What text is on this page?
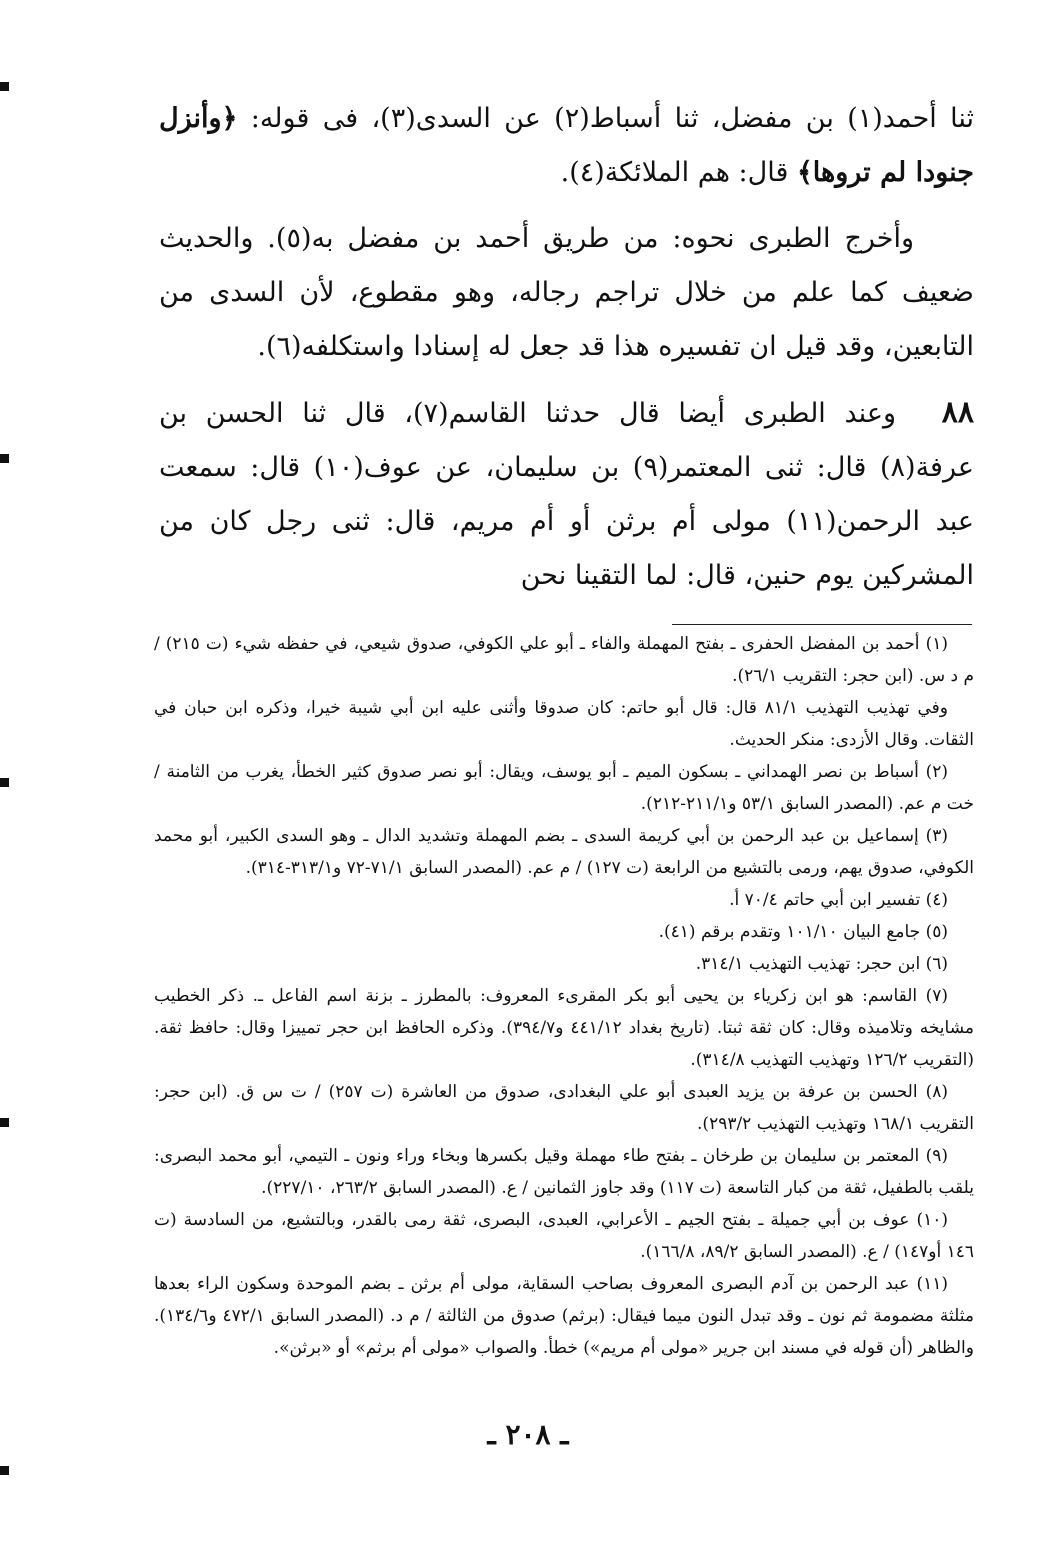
ثنا أحمد(١) بن مفضل، ثنا أسباط(٢) عن السدى(٣)، فى قوله: ﴿وأنزل جنودا لم تروها﴾ قال: هم الملائكة(٤).

وأخرج الطبرى نحوه: من طريق أحمد بن مفضل به(٥). والحديث ضعيف كما علم من خلال تراجم رجاله، وهو مقطوع، لأن السدى من التابعين، وقد قيل ان تفسيره هذا قد جعل له إسنادا واستكلفه(٦).

٨٨وعند الطبرى أيضا قال حدثنا القاسم(٧)، قال ثنا الحسن بن عرفة(٨) قال: ثنى المعتمر(٩) بن سليمان، عن عوف(١٠) قال: سمعت عبد الرحمن(١١) مولى أم برثن أو أم مريم، قال: ثنى رجل كان من المشركين يوم حنين، قال: لما التقينا نحن

(١) أحمد بن المفضل الحفرى ـ بفتح المهملة والفاء ـ أبو علي الكوفي، صدوق شيعي، في حفظه شيء (ت ٢١٥) / م د س. (ابن حجر: التقريب ٢٦/١).

وفي تهذيب التهذيب ٨١/١ قال: قال أبو حاتم: كان صدوقا وأثنى عليه ابن أبي شيبة خيرا، وذكره ابن حبان في الثقات. وقال الأزدى: منكر الحديث.

(٢) أسباط بن نصر الهمداني ـ بسكون الميم ـ أبو يوسف، ويقال: أبو نصر صدوق كثير الخطأ، يغرب من الثامنة / خت م عم. (المصدر السابق ٥٣/١ و٢١١/١-٢١٢).

(٣) إسماعيل بن عبد الرحمن بن أبي كريمة السدى ـ بضم المهملة وتشديد الدال ـ وهو السدى الكبير، أبو محمد الكوفي، صدوق يهم، ورمى بالتشيع من الرابعة (ت ١٢٧) / م عم. (المصدر السابق ٧١/١-٧٢ و٣١٣/١-٣١٤).

(٤) تفسير ابن أبي حاتم ٧٠/٤ أ.

(٥) جامع البيان ١٠١/١٠ وتقدم برقم (٤١).

(٦) ابن حجر: تهذيب التهذيب ٣١٤/١.

(٧) القاسم: هو ابن زكرياء بن يحيى أبو بكر المقرىء المعروف: بالمطرز ـ بزنة اسم الفاعل ـ. ذكر الخطيب مشايخه وتلاميذه وقال: كان ثقة ثبتا. (تاريخ بغداد ٤٤١/١٢ و٣٩٤/٧). وذكره الحافظ ابن حجر تمييزا وقال: حافظ ثقة. (التقريب ١٢٦/٢ وتهذيب التهذيب ٣١٤/٨).

(٨) الحسن بن عرفة بن يزيد العبدى أبو علي البغدادى، صدوق من العاشرة (ت ٢٥٧) / ت س ق. (ابن حجر: التقريب ١٦٨/١ وتهذيب التهذيب ٢٩٣/٢).

(٩) المعتمر بن سليمان بن طرخان ـ بفتح طاء مهملة وقيل بكسرها وبخاء وراء ونون ـ التيمي، أبو محمد البصرى: يلقب بالطفيل، ثقة من كبار التاسعة (ت ١١٧) وقد جاوز الثمانين / ع. (المصدر السابق ٢٦٣/٢، ٢٢٧/١٠).

(١٠) عوف بن أبي جميلة ـ بفتح الجيم ـ الأعرابي، العبدى، البصرى، ثقة رمى بالقدر، وبالتشيع، من السادسة (ت ١٤٦ أو١٤٧) / ع. (المصدر السابق ٨٩/٢، ١٦٦/٨).

(١١) عبد الرحمن بن آدم البصرى المعروف بصاحب السقاية، مولى أم برثن ـ بضم الموحدة وسكون الراء بعدها مثلثة مضمومة ثم نون ـ وقد تبدل النون ميما فيقال: (برثم) صدوق من الثالثة / م د. (المصدر السابق ٤٧٢/١ و١٣٤/٦). والظاهر (أن قوله في مسند ابن جرير «مولى أم مريم») خطأ. والصواب «مولى أم برثم» أو «برثن».

ـ ٢٠٨ ـ
